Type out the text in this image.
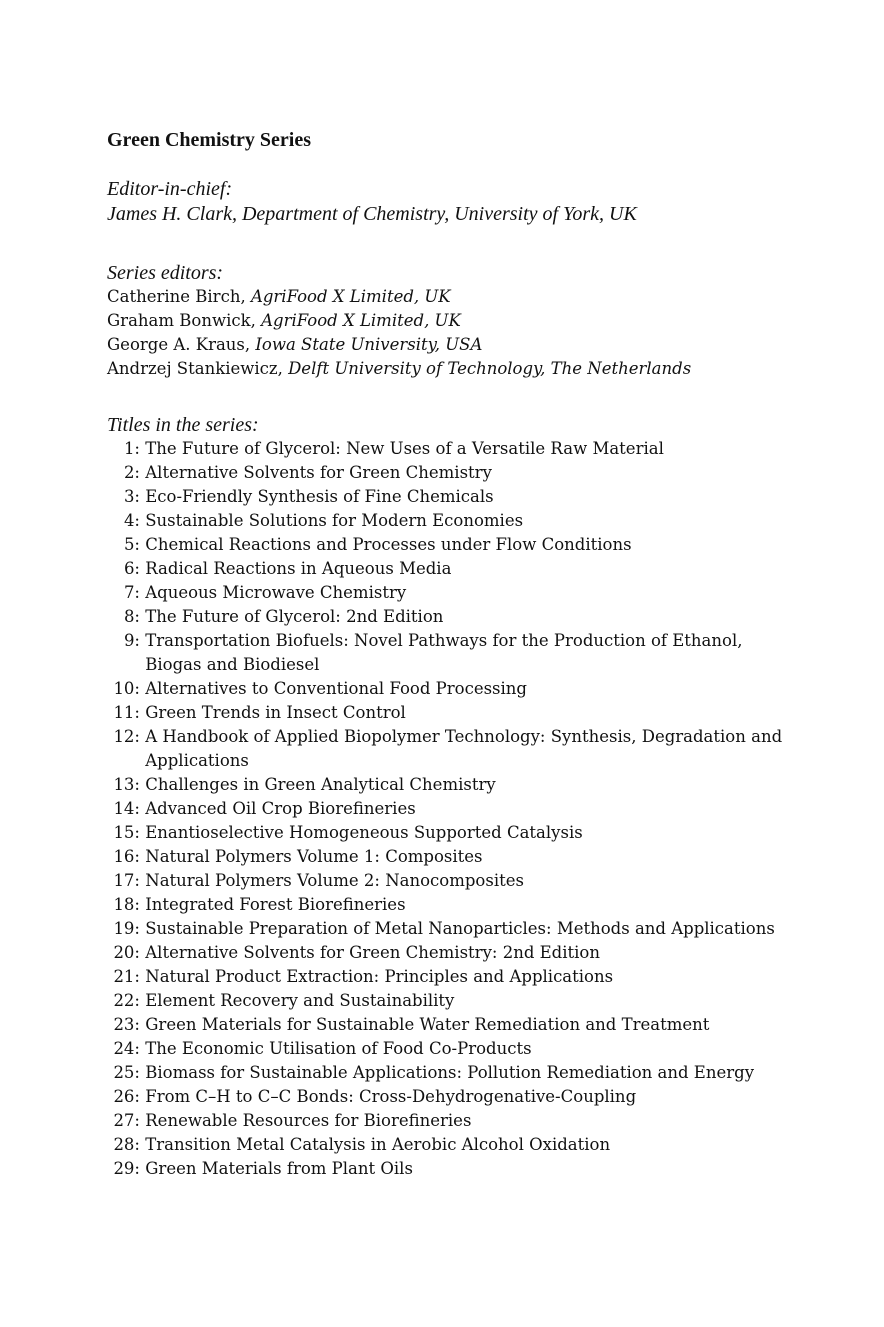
Green Chemistry Series
Editor-in-chief:
James H. Clark, Department of Chemistry, University of York, UK
Series editors:
Catherine Birch, AgriFood X Limited, UK
Graham Bonwick, AgriFood X Limited, UK
George A. Kraus, Iowa State University, USA
Andrzej Stankiewicz, Delft University of Technology, The Netherlands
Titles in the series:
1:
The Future of Glycerol: New Uses of a Versatile Raw Material
2:
Alternative Solvents for Green Chemistry
3:
Eco-Friendly Synthesis of Fine Chemicals
4:
Sustainable Solutions for Modern Economies
5:
Chemical Reactions and Processes under Flow Conditions
6:
Radical Reactions in Aqueous Media
7:
Aqueous Microwave Chemistry
8:
The Future of Glycerol: 2nd Edition
9:
Transportation Biofuels: Novel Pathways for the Production of Ethanol, Biogas and Biodiesel
10:
Alternatives to Conventional Food Processing
11:
Green Trends in Insect Control
12:
A Handbook of Applied Biopolymer Technology: Synthesis, Degradation and Applications
13:
Challenges in Green Analytical Chemistry
14:
Advanced Oil Crop Biorefineries
15:
Enantioselective Homogeneous Supported Catalysis
16:
Natural Polymers Volume 1: Composites
17:
Natural Polymers Volume 2: Nanocomposites
18:
Integrated Forest Biorefineries
19:
Sustainable Preparation of Metal Nanoparticles: Methods and Applications
20:
Alternative Solvents for Green Chemistry: 2nd Edition
21:
Natural Product Extraction: Principles and Applications
22:
Element Recovery and Sustainability
23:
Green Materials for Sustainable Water Remediation and Treatment
24:
The Economic Utilisation of Food Co-Products
25:
Biomass for Sustainable Applications: Pollution Remediation and Energy
26:
From C–H to C–C Bonds: Cross-Dehydrogenative-Coupling
27:
Renewable Resources for Biorefineries
28:
Transition Metal Catalysis in Aerobic Alcohol Oxidation
29:
Green Materials from Plant Oils
